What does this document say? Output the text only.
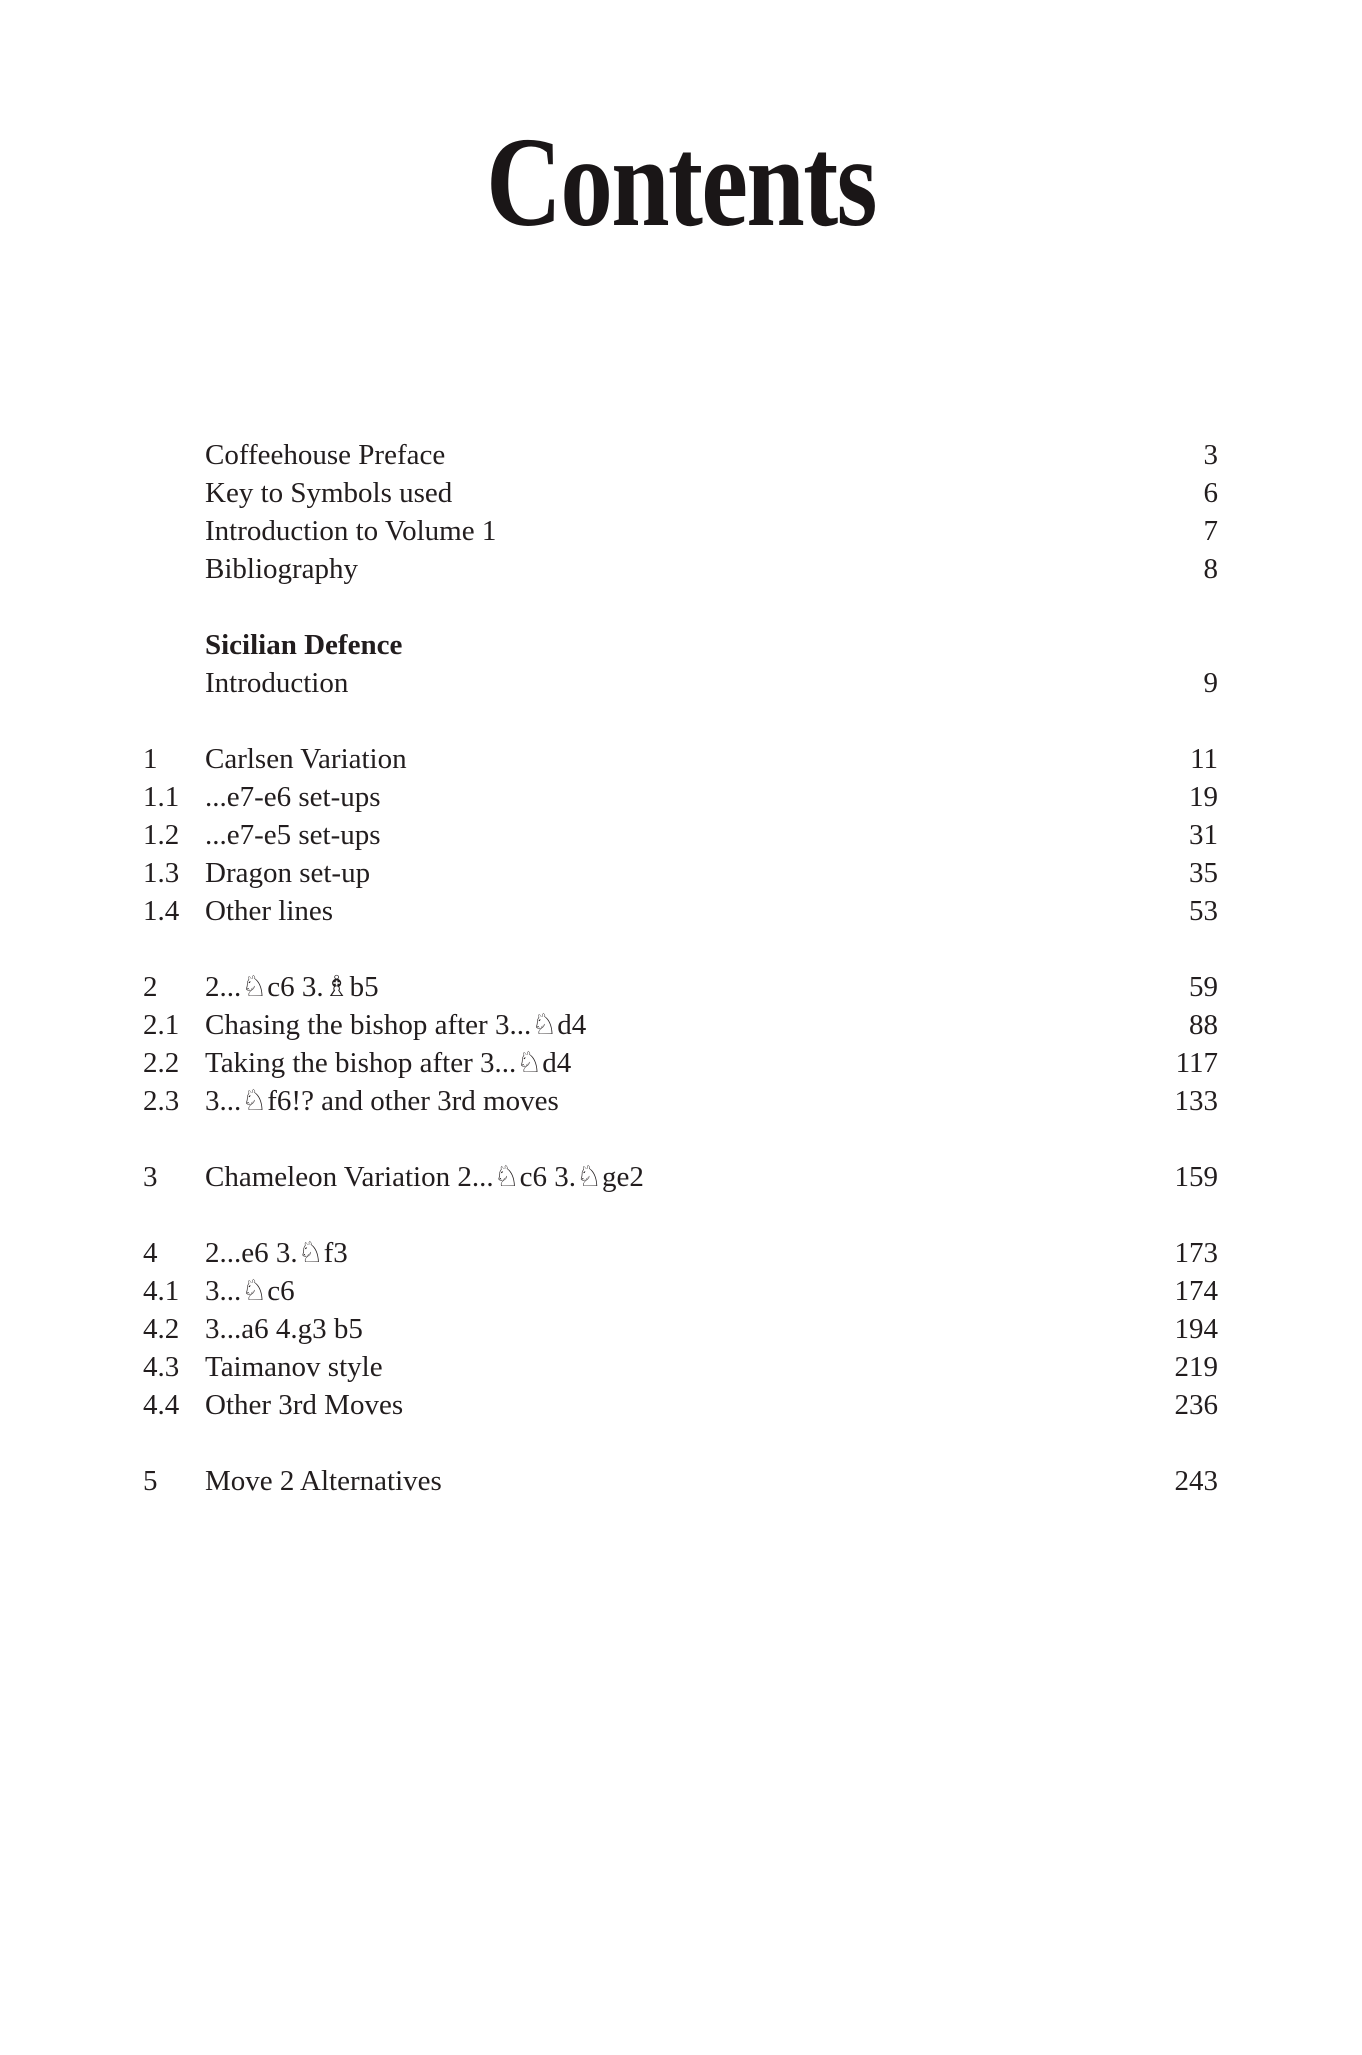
Contents
Coffeehouse Preface	3
Key to Symbols used	6
Introduction to Volume 1	7
Bibliography	8
Sicilian Defence
Introduction	9
1	Carlsen Variation	11
1.1 ...e7-e6 set-ups	19
1.2 ...e7-e5 set-ups	31
1.3 Dragon set-up	35
1.4 Other lines	53
2	2...♘c6 3.♗b5	59
2.1 Chasing the bishop after 3...♘d4	88
2.2 Taking the bishop after 3...♘d4	117
2.3 3...♘f6!? and other 3rd moves	133
3	Chameleon Variation 2...♘c6 3.♘ge2	159
4	2...e6 3.♘f3	173
4.1 3...♘c6	174
4.2 3...a6 4.g3 b5	194
4.3 Taimanov style	219
4.4 Other 3rd Moves	236
5	Move 2 Alternatives	243
